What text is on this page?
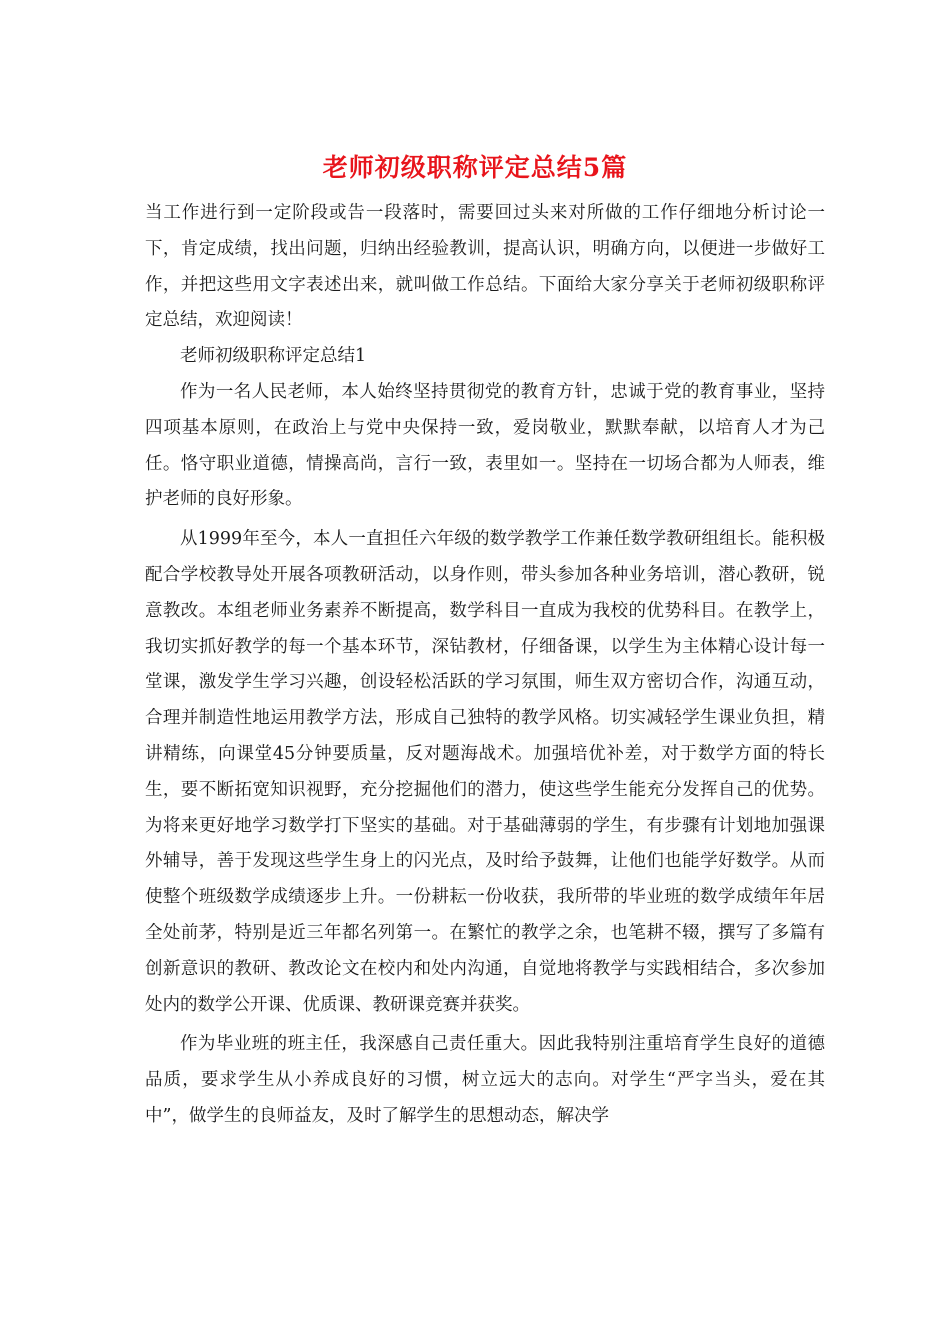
老师初级职称评定总结5篇

当工作进行到一定阶段或告一段落时，需要回过头来对所做的工作仔细地分析讨论一下，肯定成绩，找出问题，归纳出经验教训，提高认识，明确方向，以便进一步做好工作，并把这些用文字表述出来，就叫做工作总结。下面给大家分享关于老师初级职称评定总结，欢迎阅读！

老师初级职称评定总结1

作为一名人民老师，本人始终坚持贯彻党的教育方针，忠诚于党的教育事业，坚持四项基本原则，在政治上与党中央保持一致，爱岗敬业，默默奉献，以培育人才为己任。恪守职业道德，情操高尚，言行一致，表里如一。坚持在一切场合都为人师表，维护老师的良好形象。

从1999年至今，本人一直担任六年级的数学教学工作兼任数学教研组组长。能积极配合学校教导处开展各项教研活动，以身作则，带头参加各种业务培训，潜心教研，锐意教改。本组老师业务素养不断提高，数学科目一直成为我校的优势科目。在教学上，我切实抓好教学的每一个基本环节，深钻教材，仔细备课，以学生为主体精心设计每一堂课，激发学生学习兴趣，创设轻松活跃的学习氛围，师生双方密切合作，沟通互动，合理并制造性地运用教学方法，形成自己独特的教学风格。切实减轻学生课业负担，精讲精练，向课堂45分钟要质量，反对题海战术。加强培优补差，对于数学方面的特长生，要不断拓宽知识视野，充分挖掘他们的潜力，使这些学生能充分发挥自己的优势。为将来更好地学习数学打下坚实的基础。对于基础薄弱的学生，有步骤有计划地加强课外辅导，善于发现这些学生身上的闪光点，及时给予鼓舞，让他们也能学好数学。从而使整个班级数学成绩逐步上升。一份耕耘一份收获，我所带的毕业班的数学成绩年年居全处前茅，特别是近三年都名列第一。在繁忙的教学之余，也笔耕不辍，撰写了多篇有创新意识的教研、教改论文在校内和处内沟通，自觉地将教学与实践相结合，多次参加处内的数学公开课、优质课、教研课竞赛并获奖。

作为毕业班的班主任，我深感自己责任重大。因此我特别注重培育学生良好的道德品质，要求学生从小养成良好的习惯，树立远大的志向。对学生“严字当头，爱在其中”，做学生的良师益友，及时了解学生的思想动态，解决学
